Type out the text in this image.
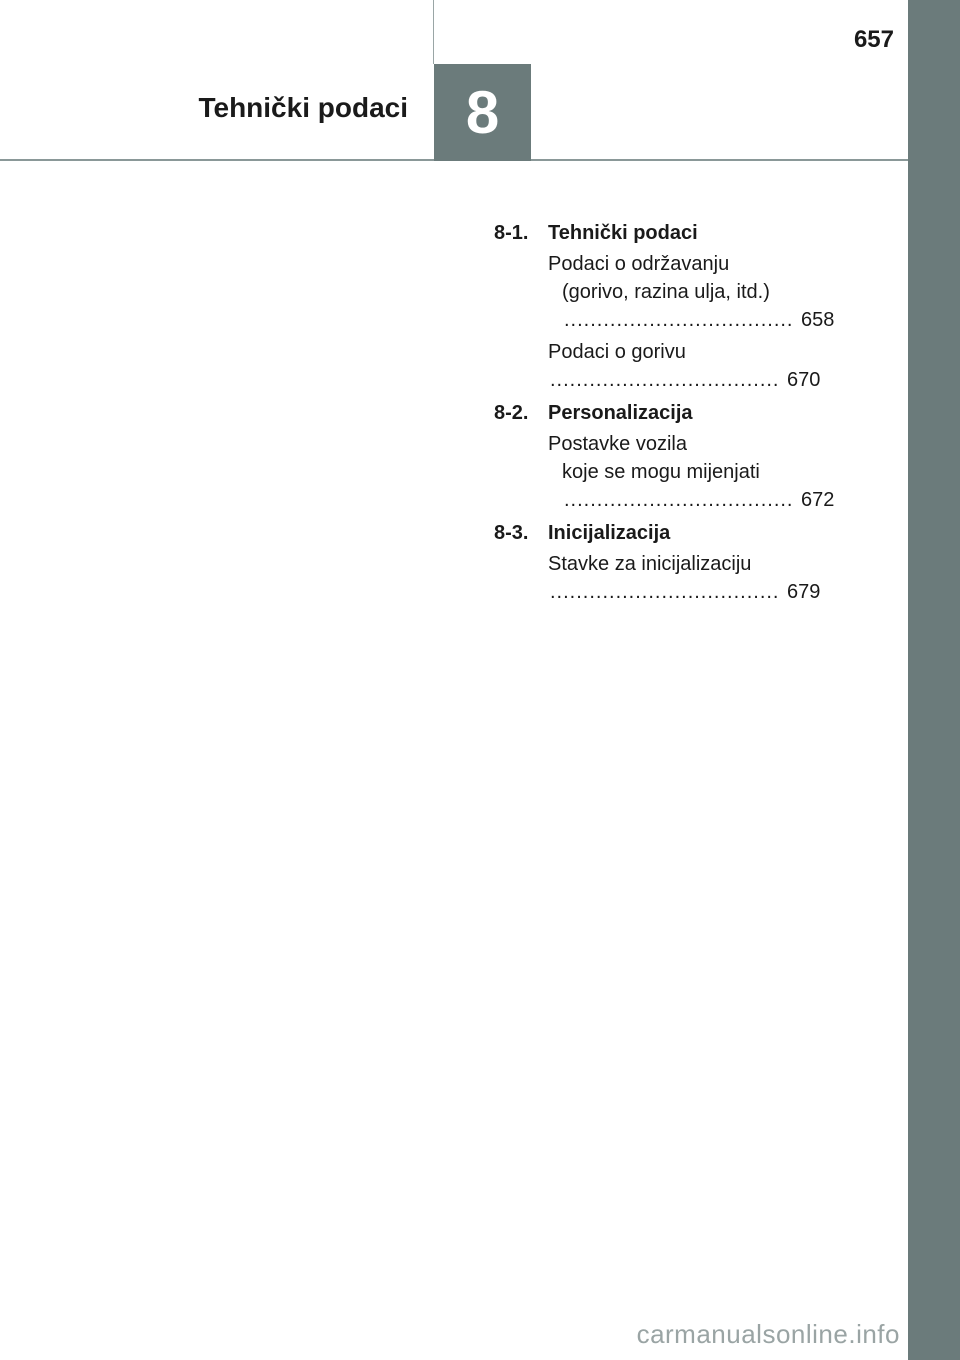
657
Tehnički podaci 8
8-1. Tehnički podaci
Podaci o održavanju
(gorivo, razina ulja, itd.) ................................... 658
Podaci o gorivu ................................... 670
8-2. Personalizacija
Postavke vozila
koje se mogu mijenjati ................................... 672
8-3. Inicijalizacija
Stavke za inicijalizaciju ................................... 679
carmanualsonline.info
